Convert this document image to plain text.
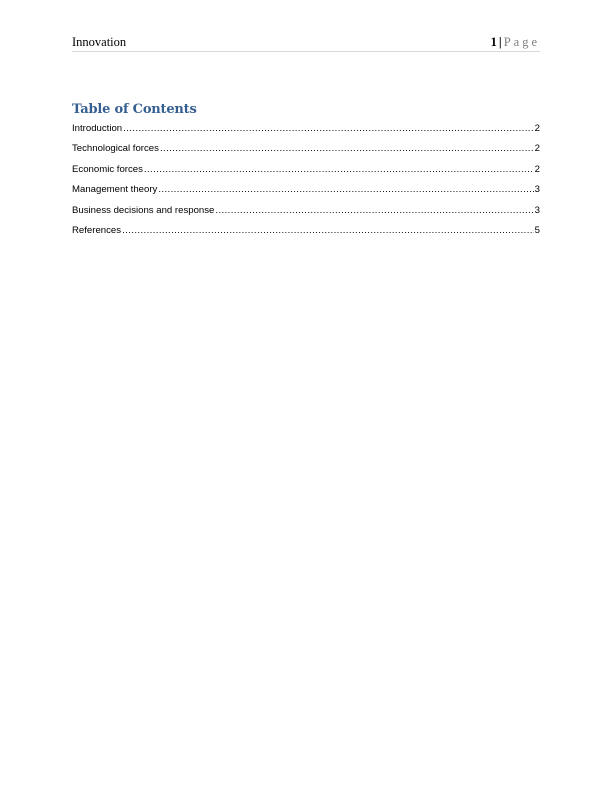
Innovation	1 | Page
Table of Contents
Introduction .....	2
Technological forces .....	2
Economic forces .....	2
Management theory .....	3
Business decisions and response .....	3
References .....	5
